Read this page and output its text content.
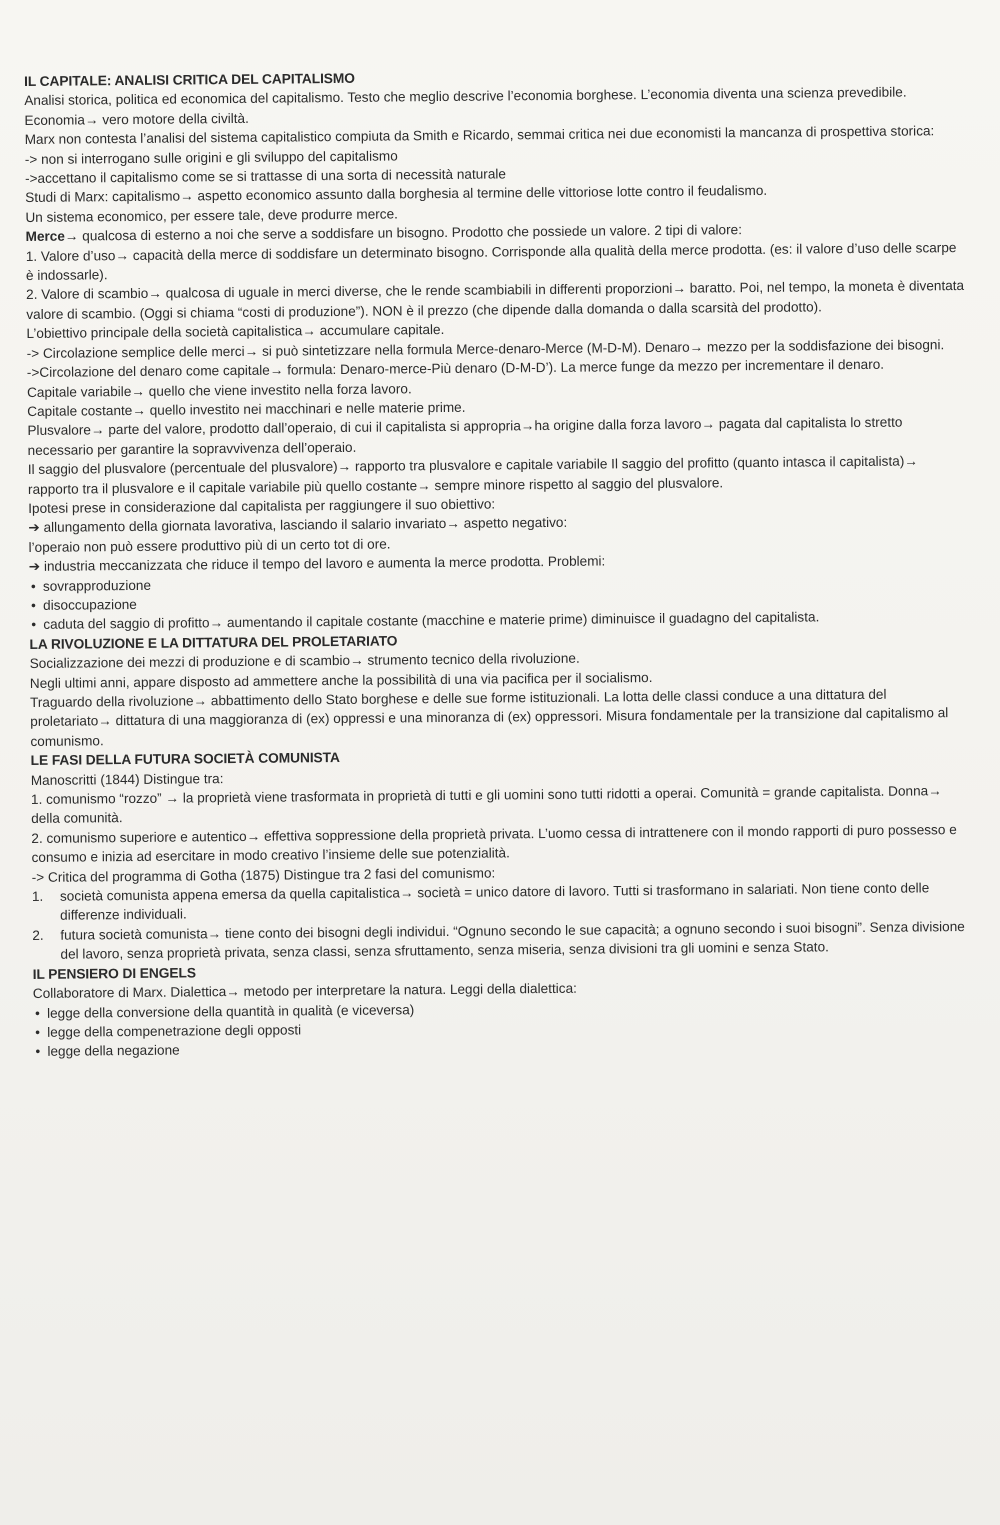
IL CAPITALE: ANALISI CRITICA DEL CAPITALISMO

Analisi storica, politica ed economica del capitalismo. Testo che meglio descrive l’economia borghese. L’economia diventa una scienza prevedibile. Economia→ vero motore della civiltà.

Marx non contesta l’analisi del sistema capitalistico compiuta da Smith e Ricardo, semmai critica nei due economisti la mancanza di prospettiva storica:

-> non si interrogano sulle origini e gli sviluppo del capitalismo

->accettano il capitalismo come se si trattasse di una sorta di necessità naturale

Studi di Marx: capitalismo→ aspetto economico assunto dalla borghesia al termine delle vittoriose lotte contro il feudalismo.

Un sistema economico, per essere tale, deve produrre merce.

Merce→ qualcosa di esterno a noi che serve a soddisfare un bisogno. Prodotto che possiede un valore. 2 tipi di valore:

1. Valore d’uso→ capacità della merce di soddisfare un determinato bisogno. Corrisponde alla qualità della merce prodotta. (es: il valore d’uso delle scarpe è indossarle).

2. Valore di scambio→ qualcosa di uguale in merci diverse, che le rende scambiabili in differenti proporzioni→ baratto. Poi, nel tempo, la moneta è diventata valore di scambio. (Oggi si chiama “costi di produzione”). NON è il prezzo (che dipende dalla domanda o dalla scarsità del prodotto).

L’obiettivo principale della società capitalistica→ accumulare capitale.

-> Circolazione semplice delle merci→ si può sintetizzare nella formula Merce-denaro-Merce (M-D-M). Denaro→ mezzo per la soddisfazione dei bisogni.

->Circolazione del denaro come capitale→ formula: Denaro-merce-Più denaro (D-M-D’). La merce funge da mezzo per incrementare il denaro.

Capitale variabile→ quello che viene investito nella forza lavoro.

Capitale costante→ quello investito nei macchinari e nelle materie prime.

Plusvalore→ parte del valore, prodotto dall’operaio, di cui il capitalista si appropria→ha origine dalla forza lavoro→ pagata dal capitalista lo stretto necessario per garantire la sopravvivenza dell’operaio.

Il saggio del plusvalore (percentuale del plusvalore)→ rapporto tra plusvalore e capitale variabile Il saggio del profitto (quanto intasca il capitalista)→ rapporto tra il plusvalore e il capitale variabile più quello costante→ sempre minore rispetto al saggio del plusvalore.

Ipotesi prese in considerazione dal capitalista per raggiungere il suo obiettivo:

➔ allungamento della giornata lavorativa, lasciando il salario invariato→ aspetto negativo:

l’operaio non può essere produttivo più di un certo tot di ore.

➔ industria meccanizzata che riduce il tempo del lavoro e aumenta la merce prodotta. Problemi:

• sovrapproduzione
• disoccupazione
• caduta del saggio di profitto→ aumentando il capitale costante (macchine e materie prime) diminuisce il guadagno del capitalista.
LA RIVOLUZIONE E LA DITTATURA DEL PROLETARIATO

Socializzazione dei mezzi di produzione e di scambio→ strumento tecnico della rivoluzione.

Negli ultimi anni, appare disposto ad ammettere anche la possibilità di una via pacifica per il socialismo.

Traguardo della rivoluzione→ abbattimento dello Stato borghese e delle sue forme istituzionali. La lotta delle classi conduce a una dittatura del proletariato→ dittatura di una maggioranza di (ex) oppressi e una minoranza di (ex) oppressori. Misura fondamentale per la transizione dal capitalismo al comunismo.

LE FASI DELLA FUTURA SOCIETÀ COMUNISTA

Manoscritti (1844) Distingue tra:

1. comunismo “rozzo” → la proprietà viene trasformata in proprietà di tutti e gli uomini sono tutti ridotti a operai. Comunità = grande capitalista. Donna→ della comunità.

2. comunismo superiore e autentico→ effettiva soppressione della proprietà privata. L’uomo cessa di intrattenere con il mondo rapporti di puro possesso e consumo e inizia ad esercitare in modo creativo l’insieme delle sue potenzialità.

-> Critica del programma di Gotha (1875) Distingue tra 2 fasi del comunismo:

1. società comunista appena emersa da quella capitalistica→ società = unico datore di lavoro. Tutti si trasformano in salariati. Non tiene conto delle differenze individuali.
2. futura società comunista→ tiene conto dei bisogni degli individui. “Ognuno secondo le sue capacità; a ognuno secondo i suoi bisogni”. Senza divisione del lavoro, senza proprietà privata, senza classi, senza sfruttamento, senza miseria, senza divisioni tra gli uomini e senza Stato.
IL PENSIERO DI ENGELS

Collaboratore di Marx. Dialettica→ metodo per interpretare la natura. Leggi della dialettica:

• legge della conversione della quantità in qualità (e viceversa)
• legge della compenetrazione degli opposti
• legge della negazione
